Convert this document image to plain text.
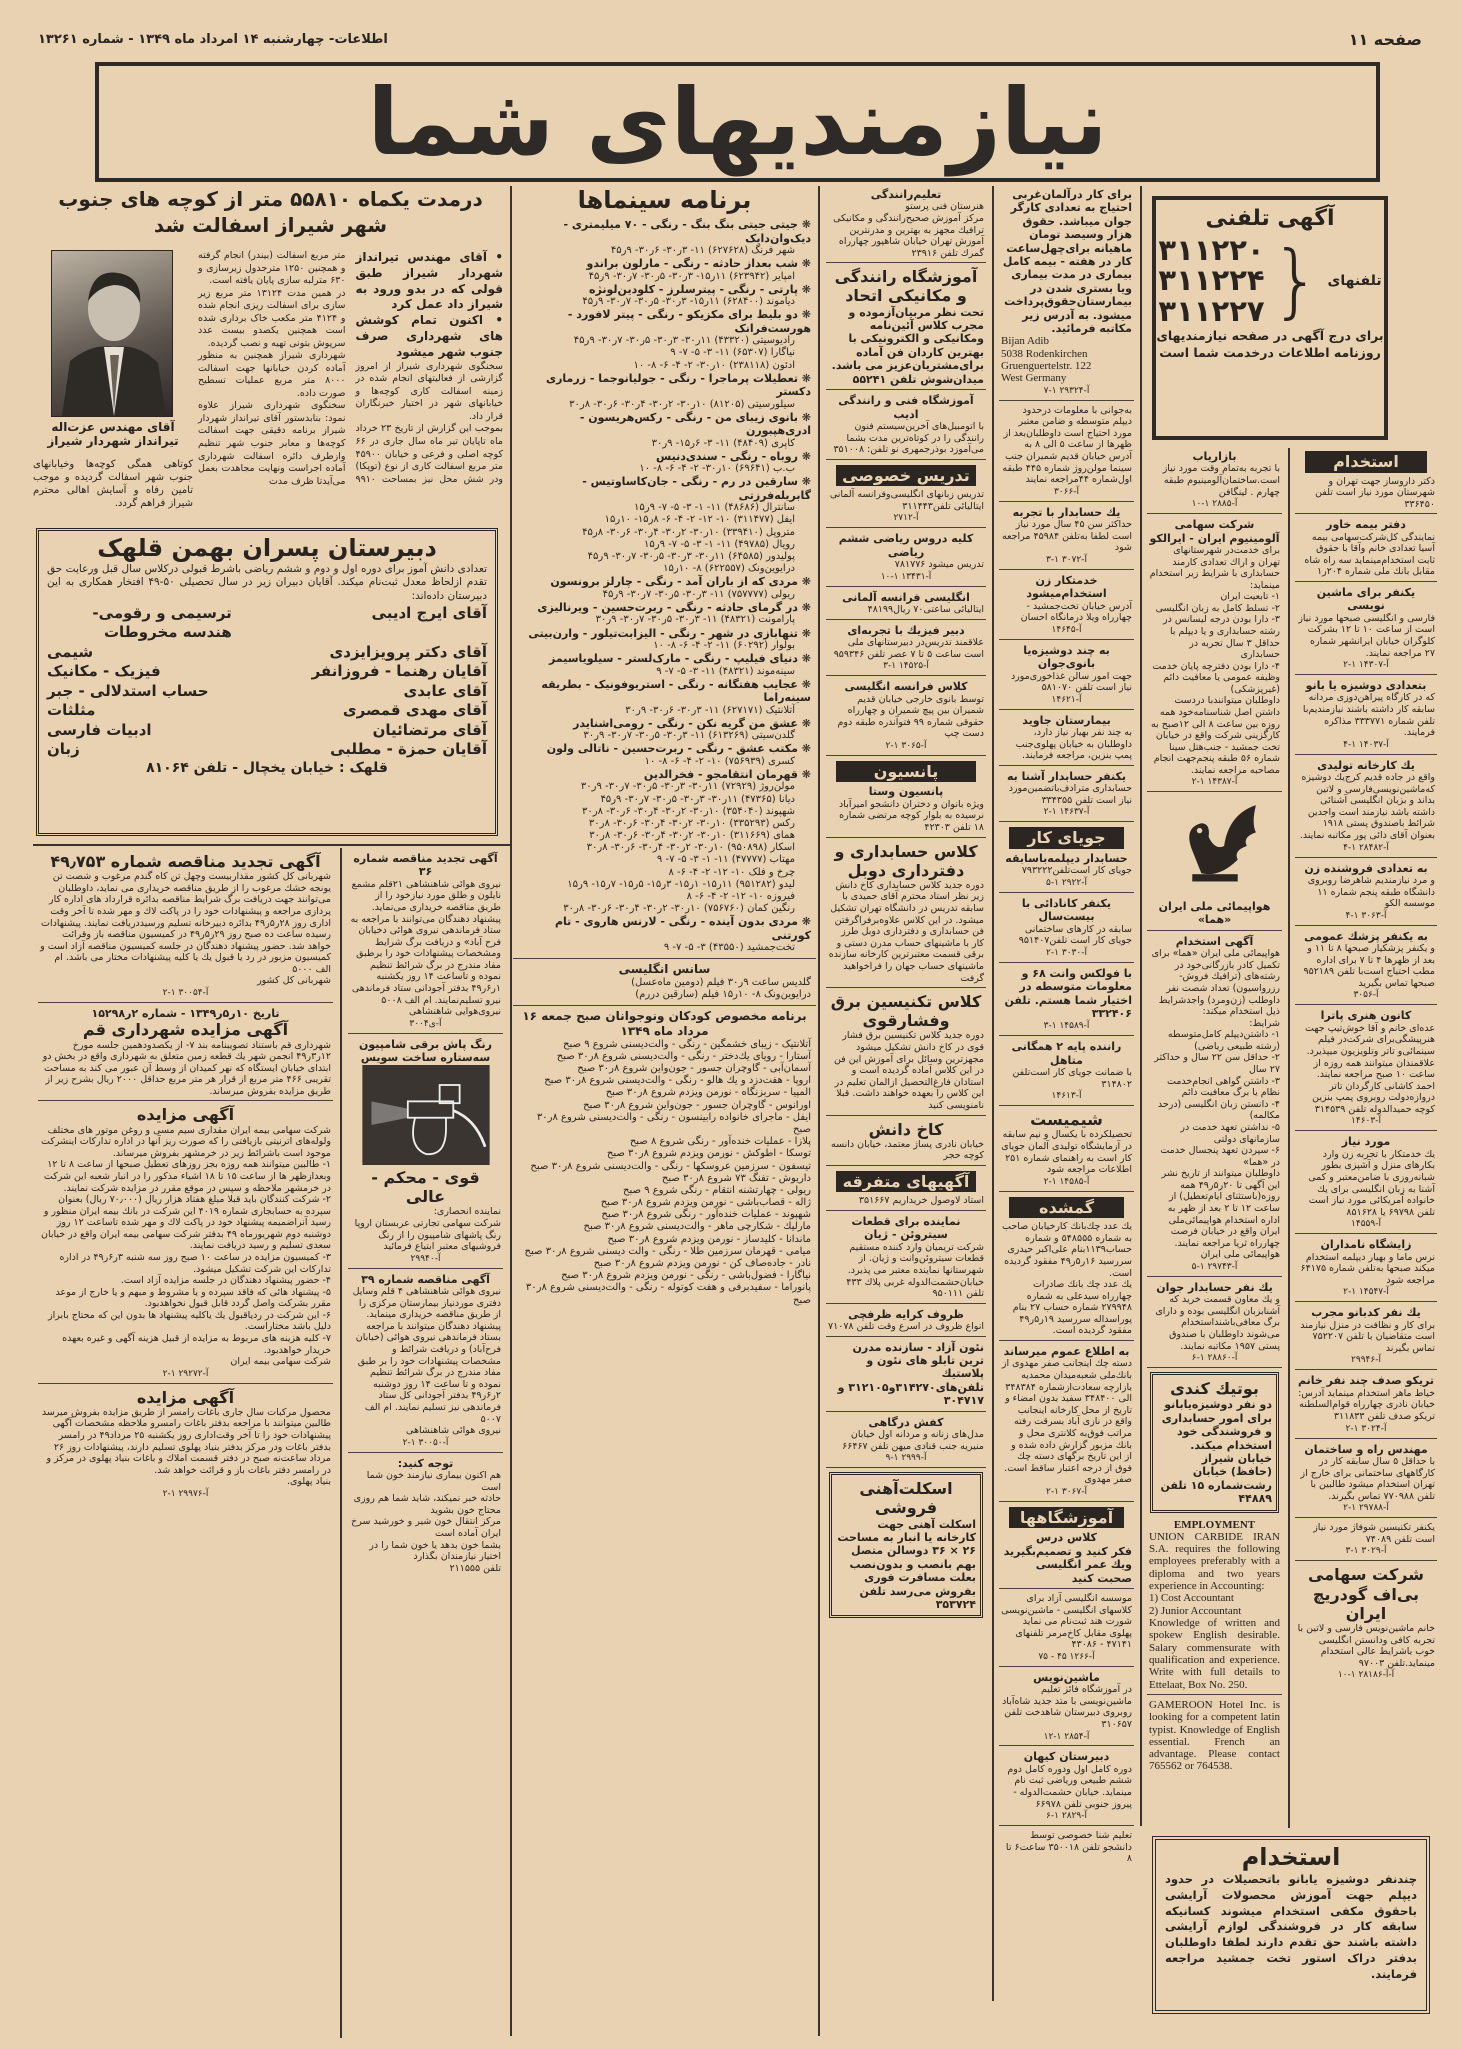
صفحه ۱۱
اطلاعات- چهارشنبه ۱۴ امرداد ماه ۱۳۴۹ - شماره ۱۳۲۶۱
نیازمندیهای شما
درمدت یکماه ۵۵۸۱۰ متر از کوچه های جنوب شهر شیراز اسفالت شد
آقای مهندس عزت‌اله تیرانداز شهردار شیراز
کوتاهی همگی کوچه‌ها وخیابانهای جنوب شهر اسفالت گردیده و موجب تامین رفاه و آسایش اهالی محترم شیراز فراهم گردد.

• آقای مهندس تیرانداز شهردار شیراز طبق قولی که در بدو ورود به شیراز داد عمل کرد

• اکنون تمام کوشش های شهرداری صرف جنوب شهر میشود

سخنگوی شهرداری شیراز از امروز گزارشی از فعالیتهای انجام شده در زمینه اسفالت کاری کوچه‌ها و خیابانهای شهر در اختیار خبرنگاران قرار داد.

بموجب این گزارش از تاریخ ۲۳ خرداد ماه تاپایان تیر ماه سال جاری در ۶۶ کوچه اصلی و فرعی و خیابان ۴۵۹۰۰ متر مربع اسفالت کاری از نوع (توپکا) ودر شش محل نیز بمساحت ۹۹۱۰ متر مربع اسفالت (بیندر) انجام گرفته و همچنین ۱۲۵۰ مترجدول زیرسازی و ۶۳۰ مترلبه سازی پایان یافته است.

در همین مدت ۱۳۱۲۴ متر مربع زیر سازی برای اسفالت ریزی انجام شده و ۴۱۲۴ متر مکعب خاک برداری شده است همچنین یکصدو بیست عدد سرپوش بتونی تهیه و نصب گردیده.

شهرداری شیراز همچنین به منظور آماده کردن خیابانها جهت اسفالت ۸۰۰۰ متر مربع عملیات تسطیح صورت داده.

سخنگوی شهرداری شیراز علاوه نمود: بنابدستور آقای تیرانداز شهردار شیراز برنامه دقیقی جهت اسفالت کوچه‌ها و معابر جنوب شهر تنظیم وازطرف دائره اسفالت شهرداری آماده اجراست ونهایت مجاهدت بعمل می‌آیدتا ظرف مدت

دبیرستان پسران بهمن قلهک
تعدادی دانش آموز برای دوره اول و دوم و ششم ریاضی باشرط قبولی درکلاس سال قبل ورعایت حق تقدم ازلحاظ معدل ثبت‌نام میکند. آقایان دبیران زیر در سال تحصیلی ۵۰-۴۹ افتخار همکاری به این دبیرستان داده‌اند:
آقای ایرج ادیبی
ترسیمی و رقومی- هندسه مخروطات
آقای دکتر پرویزایزدی
شیمی
آقایان رهنما - فروزانفر
فیزیک - مکانیک
آقای عابدی
حساب استدلالی - جبر
آقای مهدی قمصری
مثلثات
آقای مرتضائیان
ادبیات فارسی
آقایان حمزة - مطلبی
زبان
قلهک : خیابان یخچال - تلفن ۸۱۰۶۴
آگهی تجدید مناقصه شماره ۴۹٫۷۵۳

شهربانی کل کشور مقداربیست وچهل تن کاه گندم مرغوب و شصت تن یونجه خشك مرغوب را از طریق مناقصه خریداری می نماید، داوطلبان می‌توانند جهت دریافت برگ شرایط مناقصه بدائره قرارداد های اداره کار پردازی مراجعه و پیشنهادات خود را در پاکت لاك و مهر شده تا آخر وقت اداری روز ۲۸ر۵ر۴۹ بدائره دبیرخانه تسلیم ورسیددریافت نمایند. پیشنهادات رسیده ساعت ده صبح روز ۲۹ر۵ر۴۹ در کمیسیون مناقصه باز وقرائت خواهد شد. حضور پیشنهاد دهندگان در جلسه کمیسیون مناقصه آزاد است و کمیسیون مزبور در رد یا قبول یك یا کلیه پیشنهادات مختار می باشد. ام الف ۵۰۰۰

شهربانی کل کشور

آ-۳۰۰۵۴ ۱-۲
تاریخ ۱۰ر۵ر۱۳۴۹ - شماره ۲ر۱۵۲۹۸
آگهی مزایده شهرداری قم

شهرداری قم باستناد تصویبنامه بند ۷- از یکصدودهمین جلسه مورخ ۱۲ر۳ر۴۹ انجمن شهر یك قطعه زمین متعلق به شهرداری واقع در بخش دو ابتدای خیابان ایستگاه که نهر کمیدان از وسط آن عبور می کند به مساحت تقریبی ۴۶۶ متر مربع از قرار هر متر مربع حداقل ۲۰۰۰ ریال بشرح زیر از طریق مزایده بفروش میرساند.

آگهی مزایده

شرکت سهامی بیمه ایران مقداری سیم مسی و روغن موتور های مختلف ولوله‌های اترنیتی بازیافتی را که صورت ریز آنها در اداره تدارکات اینشرکت موجود است باشرائط زیر در خرمشهر بفروش میرساند.

۱- طالبین میتوانند همه روزه بجز روزهای تعطیل صبحها از ساعت ۸ تا ۱۲ وبعدازظهر ها از ساعت ۱۵ تا ۱۸ اشیاء مذکور را در انبار شعبه این شرکت در خرمشهر ملاحظه و سپس در موقع مقرر در مزایده شرکت نمایند.

۲- شرکت کنندگان باید قبلا مبلغ هفتاد هزار ریال (۷۰٫۰۰۰ ریال) بعنوان سپرده به حسابجاری شماره ۴۰۱۹ این شرکت در بانك بیمه ایران منظور و رسید آنراضمیمه پیشنهاد خود در پاکت لاك و مهر شده تاساعت ۱۲ روز دوشنبه دوم شهریورماه ۴۹ بدفتر شرکت سهامی بیمه ایران واقع در خیابان سعدی تسلیم و رسید دریافت نمایند.

۳- کمیسیون مزایده در ساعت ۱۰ صبح روز سه شنبه ۳ر۶ر۴۹ در اداره تدارکات این شرکت تشکیل میشود.

۴- حضور پیشنهاد دهندگان در جلسه مزایده آزاد است.

۵- پیشنهاد هائی که فاقد سپرده و یا مشروط و مبهم و یا خارج از موعد مقرر بشرکت واصل گردد قابل قبول نخواهدبود.

۶- این شرکت در ردیاقبول یك یاکلیه پیشنهاد ها بدون این که محتاج بابراز دلیل باشد مختاراست.

۷- کلیه هزینه های مربوط به مزایده از قبیل هزینه آگهی و غیره بعهده خریدار خواهدبود.

شرکت سهامی بیمه ایران

آ-۲۹۲۷۲ ۱-۲
آگهی مزایده

محصول مرکبات سال جاری باغات رامسر از طریق مزایده بفروش میرسد طالبین میتوانند با مراجعه بدفتر باغات رامسرو ملاحظه مشخصات آگهی پیشنهادات خود را تا آخر وقت‌اداری روز یکشنبه ۲۵ مرداد۴۹ در رامسر بدفتر باغات ودر مرکز بدفتر بنیاد پهلوی تسلیم دارند، پیشنهادات روز ۲۶ مرداد ساعت‌نه صبح در دفتر قسمت املاك و باغات بنیاد پهلوی در مرکز و در رامسر دفتر باغات باز و قرائت خواهد شد.

بنیاد پهلوی.

آ-۲۹۹۷۶ ۱-۲
آگهی تجدید مناقصه شماره ۳۶

نیروی هوائی شاهنشاهی ۲۱قلم مشمع نایلون و طلق مورد نیازخود را از طریق مناقصه خریداری می‌نماید. پیشنهاد دهندگان می‌توانند با مراجعه به ستاد فرماندهی نیروی هوائی دخیابان فرح آباد» و دریافت برگ شرایط ومشخصات پیشنهادات خود را برطبق مفاد مندرج در برگ شرائط تنظیم نموده و تاساعت ۱۴ روز یکشنبه ۱ر۶ر۴۹ بدفتر آجودانی ستاد فرماندهی نیرو تسلیم‌نمایند. ام الف ۵۰۰۸

نیروی‌هوایی شاهنشاهی

آ-ی۳۰۰۴
رنگ پاش برقی شامپیون سه‌ستاره ساخت سویس
قوی - محکم - عالی

نماینده انحصاری:

شرکت سهامی تجارتی عربستان اروپا

رنگ پاشهای شامپیون را از رنگ فروشیهای معتبر ابتیاع فرمائید

آ-۲۹۹۴۰
آگهی مناقصه شماره ۳۹

نیروی هوائی شاهنشاهی ۴ قلم وسایل دفتری موردنیاز بیمارستان مرکزی را از طریق مناقصه خریداری مینماید. پیشنهاد دهندگان میتوانند با مراجعه بستاد فرماندهی نیروی هوائی (خیابان فرح‌آباد) و دریافت شرائط و مشخصات پیشنهادات خود را بر طبق مفاد مندرج در برگ شرائط تنظیم نموده و تا ساعت ۱۴ روز دوشنبه ۲ر۶ر۴۹ بدفتر آجودانی کل ستاد فرماندهی نیز تسلیم نمایند. ام الف ۵۰۰۷

نیروی هوائی شاهنشاهی

آ-۳۰۰۵۰ ۱-۲
توجه کنید:

هم اکنون بیماری نیازمند خون شما است

حادثه خبر نمیکند، شاید شما هم روزی محتاج خون بشوید

مرکز انتقال خون شیر و خورشید سرخ ایران آماده است

بشما خون بدهد یا خون شما را در اختیار نیازمندان بگذارد

تلفن ۲۱۱۵۵۵

برنامه سینماها
❋ جیتی جیتی بنگ بنگ - رنگی - ۷۰ میلیمتری - دیک‌وان‌دایک
شهر فرنگ (۶۲۷۶۲۸) ۱۱- ۳ر۳۰- ۶ر۳۰- ۹ر۴۵
❋ شب بعداز حادثه - رنگی - مارلون براندو
امپایر (۶۲۳۹۴۲) ۱۱ر۱۵- ۳ر۳۰- ۵ر۳۰- ۷ر۳۰- ۹ر۴۵
❋ پارتی - رنگی - پیترسلرز - کلودین‌لونژه
دیاموند (۶۲۸۴۰۰) ۱۱ر۱۵- ۳ر۳۰- ۵ر۳۰- ۷ر۳۰- ۹ر۴۵
❋ دو بلیط برای مکزیکو - رنگی - پیتر لافورد - هورست‌فرانک
رادیوسیتی (۴۳۳۲۰) ۱۱ر۳۰- ۳ر۳۰- ۵ر۳۰- ۷ر۳۰- ۹ر۴۵
نیاگارا (۶۵۳۰۷) ۱۱- ۳- ۵- ۷- ۹
ادئون (۲۳۸۱۱۸) ۱۰ر۳۰- ۲- ۴- ۶- ۸- ۱۰
❋ تعطیلات پرماجرا - رنگی - جولیانوجما - زرماری دکستر
سیلورسیتی (۸۱۲۰۵) ۱۰ر۳۰- ۲ر۳۰- ۴ر۳۰- ۶ر۳۰- ۸ر۳۰
❋ بانوی زیبای من - رنگی - رکس‌هریسون - ادری‌هپبورن
کاپری (۴۸۴۰۹) ۱۱- ۳- ۶ر۱۵- ۹ر۳۰
❋ روباه - رنگی - سندی‌دنیس
ب.ب (۶۹۶۴۱) ۱۰ر۳۰- ۲- ۴- ۶- ۸- ۱۰
❋ سارقین در رم - رنگی - جان‌کاساوتیس - گابریله‌فرزتی
سانترال (۴۸۶۸۶) ۱۱- ۱- ۳- ۵- ۷- ۹ر۱۵
ایفل (۳۱۱۴۷۷) ۱۰- ۱۲- ۲- ۴- ۶- ۸ر۱۵- ۱۰ر۱۵
متروپل (۳۳۹۴۱۰) ۱۰ر۳۰- ۲ر۳۰- ۴ر۳۰- ۶ر۳۰- ۸ر۴۵
رویال (۴۹۷۸۵) ۱۱- ۱- ۳- ۵- ۷- ۹ر۱۵
پولیدور (۶۴۵۸۵) ۱۱ر۳۰- ۳ر۳۰- ۵ر۳۰- ۷ر۳۰- ۹ر۴۵
درایوین‌ونک (۶۲۲۵۵۷) ۸- ۱۰ر۱۵
❋ مردی که از باران آمد - رنگی - چارلز برونسون
ریولی (۷۵۷۷۷۷) ۱۱- ۳ر۳۰- ۵ر۳۰- ۷ر۳۰- ۹ر۴۵
❋ در گرمای حادثه - رنگی - ربرت‌حسین - ویرنالیزی
پارامونت (۴۸۳۲۱) ۱۱- ۳ر۳۰- ۵ر۳۰- ۷ر۳۰- ۹ر۳۰
❋ تنهابازی در شهر - رنگی - الیزابت‌تیلور - وارن‌بیتی
بولوار (۶۰۲۹۲) ۱۱- ۲- ۴- ۶- ۸- ۱۰
❋ دنیای فیلیپ - رنگی - مارک‌لستر - سیلویاسیمز
سینه‌موند (۴۸۳۲۱) ۱۱- ۳- ۵- ۷- ۹
❋ عجایب هفتگانه - رنگی - استریوفونیک - بطریقه سینه‌راما
آتلانتیک (۶۲۷۱۷۱) ۱۱- ۳ر۳۰- ۶ر۳۰- ۹ر۳۰
❋ عشق من گریه نکن - رنگی - رومی‌اشنایدر
گلدن‌سیتی (۶۱۳۲۶۹) ۱۱- ۳ر۳۰- ۵ر۳۰- ۷ر۳۰- ۹ر۳۰
❋ مکتب عشق - رنگی - ربرت‌حسین - ناتالی ولون
کسری (۷۵۶۹۳۹) ۱۰- ۲- ۴- ۶- ۸- ۱۰
❋ قهرمان انتقامجو - فخرالدین
مولن‌روژ (۷۲۹۲۹) ۱۱ر۳۰- ۳ر۳۰- ۵ر۳۰- ۷ر۳۰- ۹ر۳۰
دیانا (۴۷۳۶۵) ۱۱ر۳۰- ۳ر۳۰- ۵ر۳۰- ۷ر۳۰- ۹ر۴۵
شهپوند (۳۵۴۰۴۰) ۱۰ر۳۰- ۲ر۳۰- ۴ر۳۰- ۶ر۳۰- ۸ر۳۰
رکس (۳۳۵۲۹۳) ۱۰ر۳۰- ۲ر۳۰- ۴ر۳۰- ۶ر۳۰- ۸ر۳۰
همای (۳۱۱۶۶۹) ۱۰ر۳۰- ۲ر۳۰- ۴ر۳۰- ۶ر۳۰- ۸ر۳۰
اسکار (۹۵۰۸۹۸) ۱۰ر۳۰- ۲ر۳۰- ۴ر۳۰- ۶ر۳۰- ۸ر۳۰
مهتاب (۴۷۷۷۷) ۱۱- ۱- ۳- ۵- ۷- ۹
چرخ و فلک ۱۰- ۱۲- ۲- ۴- ۶- ۸
لیدو (۹۵۱۲۸۲) ۱۱ر۱۵- ۱ر۱۵- ۳ر۱۵- ۵ر۱۵- ۷ر۱۵- ۹ر۱۵
فیروزه ۱۰- ۱۲- ۲- ۴- ۶- ۸
رنگین کمان (۷۵۶۷۶۰) ۱۰ر۳۰- ۲ر۳۰- ۴ر۳۰- ۶ر۳۰- ۸ر۳۰
❋ مردی بدون آینده - رنگی - لارنس هاروی - تام کورتنی
تخت‌جمشید (۴۳۵۵۰) ۳- ۵- ۷- ۹
سانس انگلیسی
گلدیس ساعت ۹ر۳۰ فیلم (دومین ماه‌عسل)
درایوین‌ونک ۸- ۱۰ر۱۵ فیلم (سارقین دررم)
برنامه مخصوص کودکان ونوجوانان صبح جمعه ۱۶ مرداد ماه ۱۳۴۹
آتلانتیک - زیبای خشمگین - رنگی - والت‌دیسنی شروع ۹ صبح
آستارا - رویای یك‌دختر - رنگی - والت‌دیسنی شروع ۸ر۳۰ صبح
آسمان‌آبی - گاوچران جسور - جون‌واین شروع ۸ر۳۰ صبح
اروپا - هفت‌دزد و یك هالو - رنگی - والت‌دیسنی شروع ۸ر۳۰ صبح
المپیا - سربزنگاه - نورمن ویزدم شروع ۸ر۳۰ صبح
اورانوس - گاوچران جسور - جون‌واین شروع ۸ر۳۰ صبح
ایفل - ماجرای خانواده رابینسون - رنگی - والت‌دیسنی شروع ۸ر۳۰ صبح
پلازا - عملیات خنده‌آور - رنگی شروع ۸ صبح
توسکا - اطوکش - نورمن ویزدم شروع ۸ر۳۰ صبح
تیسفون - سرزمین عروسکها - رنگی - والت‌دیسنی شروع ۸ر۳۰ صبح
داریوش - تفنگ ۷۳ شروع ۸ر۳۰ صبح
ریولی - چهارتشنه انتقام - رنگی شروع ۹ صبح
ژاله - قصاب‌باشی - نورمن ویزدم شروع ۸ر۳۰ صبح
شهپوند - عملیات خنده‌آور - رنگی شروع ۸ر۳۰ صبح
مارلیك - شکارچی ماهر - والت‌دیسنی شروع ۸ر۳۰ صبح
ماندانا - کلیدساز - نورمن ویزدم شروع ۸ر۳۰ صبح
میامی - قهرمان سرزمین طلا - رنگی - والت دیسنی شروع ۸ر۳۰ صبح
نادر - جاده‌صاف کن - نورمن ویزدم شروع ۸ر۳۰ صبح
نیاگارا - فضول‌باشی - رنگی - نورمن ویزدم شروع ۸ر۳۰ صبح
پانوراما - سفیدبرفی و هفت کوتوله - رنگی - والت‌دیسنی شروع ۸ر۳۰ صبح
تعلیم‌رانندگی

هنرستان فنی پرستو

مرکز آموزش صحیح‌رانندگی و مکانیکی ترافیك مجهز به بهترین و مدرنترین آموزش تهران خیابان شاهپور چهارراه گمرك تلفن ۲۳۹۱۶

آموزشگاه رانندگی و مکانیکی اتحاد

تحت نظر مربیان‌آزموده و مجرب کلاس آئین‌نامه ومکانیکی و الکترونیکی با بهترین کاردان فن آماده برای‌مشتریان‌عزیز می باشد. میدان‌شوش تلفن ۵۵۲۴۱

آموزشگاه فنی و رانندگی ادیب

با اتومبیل‌های آخرین‌سیستم فنون رانندگی را در کوتاه‌ترین مدت بشما می‌آموزد بوذرجمهری نو تلفن: ۳۵۱۰۰۸

تدریس خصوصی

تدریس زبانهای انگلیسی‌وفرانسه آلمانی ایتالیائی تلفن۳۱۱۴۴۳

آ-۲۷۱۲
کلیه دروس ریاضی ششم ریاضی

تدریس میشود ۷۸۱۷۷۶

آ-۱۳۴۳۱ ۱-۱۰
انگلیسی فرانسه آلمانی

ایتالیائی ساعتی۷۰ ریال۴۸۱۹۹

دبیر فیزیك با تجربه‌ای

علاقمند تدریس‌در دبیرستانهای ملی است ساعت ۵ تا ۷ عصر تلفن ۹۵۹۳۴۶

آ-۱۴۵۲۵ ۱-۳
کلاس فرانسه انگلیسی

توسط بانوی خارجی خیابان قدیم شمیران بین پیچ شمیران و چهارراه حقوقی شماره ۹۹ فتوآندره طبقه دوم دست چپ

آ-۳۰۶۵ ۱-۲
پانسیون
پانسیون وستا

ویژه بانوان و دختران دانشجو امیرآباد نرسیده به بلوار کوچه مرتضی شماره ۱۸ تلفن ۴۲۳۰۳

کلاس حسابداری و دفترداری دوبل

دوره جدید کلاس حسابداری کاخ دانش زیر نظر استاد محترم آقای حمیدی با سابقه تدریس در دانشگاه تهران تشکیل میشود. در این کلاس علاوه‌برفراگرفتن فن حسابداری و دفترداری دوبل طرز کار با ماشینهای حساب مدرن دستی و برقی قسمت معتبرترین کارخانه سازنده ماشینهای حساب جهان را فراخواهید گرفت

کلاس تکنیسین برق وفشارقوی

دوره جدید کلاس تکنیسین برق فشار قوی در کاخ دانش تشکیل میشود

مجهزترین وسائل برای آموزش این فن در این کلاس آماده گردیده است و استادان فارغ‌التحصیل ازالمان تعلیم در این کلاس را بعهده خواهند داشت. قبلا نامنویسی کنید

کاخ دانش

خیابان نادری پساژ معتمد، خیابان دانسه کوچه حجر

آگهیهای متفرقه

استاد لاوصول خریداریم ۳۵۱۶۶۷

نماینده برای قطعات سیتروئن - ژیان

شرکت تریمیان وارد کننده مستقیم قطعات سیتروئن‌وانت و ژیان. از شهرستانها نماینده معتبر می پذیرد. خیابان‌حشمت‌الدوله غربی پلاك ۴۳۳ تلفن ۹۵۰۱۱۱

ظروف کرایه ظرفچی

انواع ظروف در اسرع وقت تلفن ۷۱۰۷۸

نئون آزاد - سازنده مدرن ترین تابلو های نئون و پلاستیك تلفن‌های۳۱۴۲۷۰و۳۱۲۱۰۵ و ۳۰۴۷۱۷

کفش درگاهی

مدل‌های زنانه و مردانه اول خیابان منیریه جنب قنادی میهن تلفن ۶۶۴۶۷

آ-۲۹۹۹ ۱-۹
اسکلت‌آهنی فروشی

اسکلت آهنی جهت کارخانه یا انبار به مساحت ۲۶ × ۳۶ دوسالن متصل بهم بانصب و بدون‌نصب بعلت مسافرت فوری بفروش می‌رسد تلفن ۳۵۳۷۲۴

برای کار درآلمان‌غربی احتیاج به تعدادی کارگر جوان میباشد. حقوق هزار وسیصد تومان ماهیانه برای‌چهل‌ساعت کار در هفته - بیمه کامل بیماری در مدت بیماری ویا بستری شدن در بیمارستان‌حقوق‌پرداخت میشود. به آدرس زیر مکاتبه فرمائید.

Bijan Adib

5038 Rodenkirchen

Gruenguertelstr. 122

West Germany

آ-۲۹۳۲۴ ۱-۷

به‌جوانی با معلومات درحدود دیپلم متوسطه و ضامن معتبر مورد احتیاج است داوطلبان‌بعد از ظهرها از ساعت ۵ الی ۸ به آدرس خیابان قدیم شمیران جنب سینما مولن‌روژ شماره ۴۴۵ طبقه اول‌شماره ۴۴مراجعه نمایند

آ-۳۰۶۶
یك حسابدار با تجربه

حداکثر سن ۴۵ سال مورد نیاز است لطفا به‌تلفن ۴۵۹۸۴ مراجعه شود

آ-۳۰۷۲ ۱-۳
خدمتکار زن استخدام‌میشود

آدرس خیابان تخت‌جمشید - چهارراه ویلا درمانگاه احسان

آ-۱۴۶۴۵
به چند دوشیزه‌یا بانوی‌جوان

جهت امور سالن غذاخوری‌مورد نیاز است تلفن ۵۸۱۰۷۰

آ-۱۴۶۲۱
بیمارستان جاوید

به چند نفر بهیار نیاز دارد، داوطلبان به خیابان پهلوی‌جنب پمپ بنزین، مراجعه فرمایند.

یکنفر حسابدار آشنا به

حسابداری مترادف‌باتضمین‌مورد نیاز است تلفن ۳۳۴۳۵۵

آ-۱۴۶۳۷ ۱-۲
جویای کار
حسابدار دیپلمه‌باسابقه

جویای کار است‌تلفن۷۹۳۲۲۲

آ-۲۹۲۲ ۱-۵
یکنفر کانادائی با بیست‌سال

سابقه در کارهای ساختمانی جویای کار است تلفن۹۵۱۴۰۷

آ-۳۰۳۰ ۱-۲

با فولکس وانت ۶۸ و معلومات متوسطه در اختیار شما هستم. تلفن ۳۳۲۴۰۶

آ-۱۴۵۸۹ ۱-۳
راننده پایه ۲ همگانی متاهل

با ضمانت جویای کار است‌تلفن ۳۱۴۸۰۲

آ-۱۴۶۱۳
شیمیست

تحصیلکرده با یکسال و نیم سابقه در آزمایشگاه تولیدی آلمان جویای کار است به راهنمای شماره ۲۵۱ اطلاعات مراجعه شود

آ-۱۴۵۸۵ ۱-۲
گمشده

یك عدد چك‌بانك کارخیابان صاحب به شماره ۵۴۸۵۵۵ و شماره حساب۱۱۳۹بنام علی‌اکبر حیدری سررسید ۱۶ر۵ر۴۹ مفقود گردیده است.

یك عدد چك بانك صادرات چهارراه سیدعلی به شماره ۲۷۹۹۴۸ شماره حساب ۲۷ بنام پوراسداله سررسید ۱۹ر۵ر۴۹ مفقود گردیده است.

به اطلاع عموم میرساند

دسته چك اینجانب صفر مهدوی از بانك‌ملی شعبه‌میدان محمدیه بازارچه سعادت‌ازشماره ۳۴۸۳۸۴ الی ۳۴۸۴۰۰ سفید بدون امضاء و تاریخ از محل کارخانه اینجانب واقع در نازی آباد بسرقت رفته مراتب فوق‌به کلانتری محل و بانك مزبور گزارش داده شده و از این تاریخ برگهای دسته چك فوق از درجه اعتبار ساقط است. صفر مهدوی

آ-۳۰۶۷ ۱-۲
آموزشگاهها
کلاس درس

فکر کنید و تصمیم‌بگیرید ویك عمر انگلیسی صحبت کنید

موسسه انگلیسی آزاد برای کلاسهای انگلیسی - ماشین‌نویسی شورت هند ثبت‌نام می نماید پهلوی مقابل کاخ‌مرمر تلفنهای ۴۷۱۴۱ - ۴۳۰۸۶

آ-۱۲۶۶ ۴۵ - ۷۵
ماشین‌نویس

در آموزشگاه فائز تعلیم ماشین‌نویسی با متد جدید شاه‌آباد روبروی دبیرستان شاهدخت تلفن ۳۱۰۶۵۷

آ-۲۸۵۴ ۱-۱۲
دبیرستان کیهان

دوره کامل اول ودوره کامل دوم ششم طبیعی وریاضی ثبت نام مینماید. خیابان حشمت‌الدوله - پیروز جنوبی تلفن ۶۶۹۷۸

آ-۲۸۲۹ ۱-۶

تعلیم شنا خصوصی توسط دانشجو تلفن ۳۵۰۰۱۸ ساعت۶ تا ۸

بازاریاب

با تجربه به‌تمام وقت مورد نیاز است.ساختمان‌آلومینیوم طبقه چهارم . لینگافن

آ-۲۸۸۵ ۱-۱۰
شرکت سهامی آلومینیوم ایران - ایرالکو

برای خدمت‌در شهرستانهای تهران و اراك تعدادی کارمند حسابداری با شرایط زیر استخدام مینماید:

۱- تابعیت ایران

۲- تسلط کامل به زبان انگلیسی

۳- دارا بودن درجه لیسانس در رشته حسابداری و یا دیپلم با حداقل ۳ سال تجربه در حسابداری

۴- دارا بودن دفترچه پایان خدمت وظیفه عمومی یا معافیت دائم (غیرپزشکی)

داوطلبان میتوانندبا دردست داشتن اصل شناسنامه‌خود همه روزه بین ساعت ۸ الی ۱۲صبح به کارگزینی شرکت واقع در خیابان تخت جمشید - جنب‌هتل سینا شماره ۵۶ طبقه پنجم‌جهت انجام مصاحبه مراجعه نمایند.

آ-۱۴۳۸۷ ۱-۲
هواپیمائی ملی ایران «هما»
آگهی استخدام

هواپیمائی ملی ایران «هما» برای تکمیل کادر بازرگانی‌خود در رشته‌های (ترافیك فروش- رزرواسیون) تعداد شصت نفر داوطلب (زن‌ومرد) واجدشرایط ذیل استخدام میکند:

شرایط:

۱- داشتن‌دیپلم کامل‌متوسطه (رشته طبیعی ریاضی)

۲- حداقل سن ۲۲ سال و حداکثر ۲۷ سال

۳- داشتن گواهی انجام‌خدمت نظام یا برگ معافیت دائم

۴- دانستن زبان انگلیسی (درحد مکالمه)

۵- نداشتن تعهد خدمت در سازمانهای دولتی

۶- سپردن تعهد پنجسال خدمت در «هما»

داوطلبان میتوانند از تاریخ نشر این آگهی تا ۲۰ر۵ر۴۹ همه روزه(باستثنای ایام‌تعطیل) از ساعت ۱۲ تا ۲ بعد از ظهر به اداره استخدام هواپیمائی‌ملی ایران واقع در خیابان فرصت چهارراه ثریا مراجعه نمایند.

هواپیمائی ملی ایران

آ-۲۹۷۴۳ ۱-۵
یك نفر حسابدار جوان

و یك معاون قسمت خرید که آشنابزبان انگلیسی بوده و دارای برگ معافی‌باشنداستخدام می‌شوند داوطلبان با صندوق پستی ۱۹۵۷ مکاتبه نمایند.

آ-۲۸۸۶۰ ۱-۶
بوتیك کندی

دو نفر دوشیزه‌یابانو برای امور حسابداری و فروشندگی خود استخدام میکند.

خیابان شیراز (حافظ) خیابان رشت‌شماره ۱۵ تلفن ۴۴۸۸۹

EMPLOYMENT

UNION CARBIDE IRAN S.A. requires the following employees preferably with a diploma and two years experience in Accounting:

1) Cost Accountant

2) Junior Accountant

Knowledge of written and spokew English desirable. Salary commensurate with qualification and experience. Write with full details to Ettelaat, Box No. 250.

GAMEROON Hotel Inc. is looking for a competent latin typist. Knowledge of English essential. French an advantage. Please contact 765562 or 764538.

استخدام

دکتر داروساز جهت تهران و شهرستان مورد نیاز است تلفن ۳۳۶۴۵۰

دفتر بیمه خاور

نمایندگی کل‌شرکت‌سهامی بیمه آسیا تعدادی خانم وآقا با حقوق ثابت استخدام‌مینماید سه راه شاه مقابل بانك ملی شماره ۲۰۴ر۱

یکنفر برای ماشین نویسی

فارسی و انگلیسی صبحها مورد نیاز است از ساعت ۱۰ تا ۱۲ بشرکت کلوگران خیابان ایرانشهر شماره ۲۷ مراجعه نمایند.

آ-۱۴۳۰۷ ۱-۲
بتعدادی دوشیزه یا بانو

که در کارگاه پیراهن‌دوزی مردانه سابقه کار داشته باشند نیازمندیم‌با تلفن شماره ۳۳۳۷۷۱ مذاکره فرمایند.

آ-۱۴۰۳۷ ۱-۴
یك کارخانه تولیدی

واقع در جاده قدیم کرج‌یك دوشیزه که‌ماشین‌نویسی‌فارسی و لاتین بداند و بزبان انگلیسی آشنائی داشته باشد نیازمند است واجدین شرائط باصندوق پستی ۱۹۱۸ بعنوان آقای دائی پور مکاتبه نمایند.

آ-۲۸۴۸۲ ۱-۴
به تعدادی فروشنده زن

و مرد نیازمندیم شاهرضا روبروی دانشگاه طبقه پنجم شماره ۱۱ موسسه الکو

آ-۳۰۶۳ ۱-۴
به یکنفر پزشك عمومی

و یکنفر پزشکیار صبحها ۸ تا ۱۱ و بعد از ظهرها ۴ تا ۷ برای اداره مطب احتیاج است‌با تلفن ۹۵۲۱۸۹ صبحها تماس بگیرید

آ-۳۰۵۶
کانون هنری پاترا

عده‌ای خانم و آقا خوش‌تیپ جهت هنرپیشگی‌برای شرکت‌در فیلم سینمائی‌و تاتر وتلویزیون میپذیرد. علاقمندان میتوانند همه روزه از ساعت ۱۰ صبح مراجعه نمایند. احمد کاشانی کارگردان تاتر دروازه‌دولت روبروی پمپ بنزین کوچه حمیدالدوله تلفن ۳۱۴۵۳۹

آ-۱۴۶۰۳
مورد نیاز

یك خدمتکار با تجربه زن وارد بکارهای منزل و آشپزی بطور شبانه‌روزی با ضامن‌معتبر و کمی آشنا به زبان انگلیسی برای یك خانواده آمریکائی مورد نیاز است تلفن ۶۹۷۹۸ یا ۸۵۱۶۲۸

آ-۱۴۵۵۹
زایشگاه نامداران

نرس ماما و بهیار دیپلمه استخدام میکند صبحها به‌تلفن شماره ۶۴۱۷۵ مراجعه شود

آ-۱۴۵۴۷ ۱-۲
یك نفر کدبانو مجرب

برای کار و نظافت در منزل نیازمند است متقاضیان با تلفن ۷۵۲۲۰۷ تماس بگیرند

آ-۲۹۹۴۶
تریکو صدف چند نفر خانم

خیاط ماهر استخدام مینماید آدرس: خیابان نادری چهارراه قوام‌السلطنه تریکو صدف تلفن ۳۱۱۸۳۳

آ-۳۰۲۴ ۱-۲
مهندس راه و ساختمان

با حداقل ۵ سال سابقه کار در کارگاههای ساختمانی برای خارج از تهران استخدام میشود طالبین با تلفن ۷۷۰۹۸۸ تماس بگیرند.

آ-۲۹۷۸۸ ۱-۲

یکنفر تکنیسین شوفاژ مورد نیاز است تلفن ۷۴۰۸۹

آ-۳۰۲۹ ۱-۳
شرکت سهامی بی‌اف گودریچ ایران

خانم ماشین‌نویس فارسی و لاتین با تجربه کافی ودانستن انگلیسی خوب باشرایط عالی استخدام مینماید.تلفن ۹۷۰۰۳

آ-آ-۲۸۱۸۶ ۱-۱۰
آگهی تلفنی
تلفنهای
{
۳۱۱۲۲۰
۳۱۱۲۲۴
۳۱۱۲۲۷
برای درج آگهی در صفحه نیازمندیهای روزنامه اطلاعات درخدمت شما است
استخدام
چندنفر دوشیزه یابانو باتحصیلات در حدود دیپلم جهت آموزش محصولات آرایشی باحقوق مکفی استخدام میشوند کسانیکه سابقه کار در فروشندگی لوازم آرایشی داشته باشند حق تقدم دارند لطفا داوطلبان بدفتر دراک استور تخت جمشید مراجعه فرمایند.
